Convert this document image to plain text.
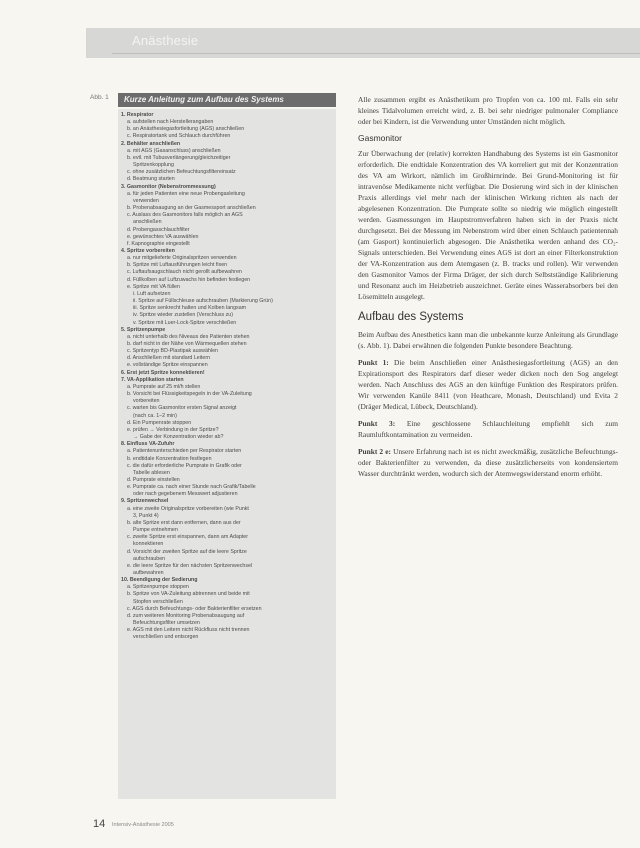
Anästhesie
Abb. 1 Kurze Anleitung zum Aufbau des Systems
1. Respirator
a. aufstellen nach Herstellerangaben
b. an Anästhesiegasfortleitung (AGS) anschließen
c. Respiratortank und Schlauch durchführen
2. Behälter anschließen
a. mit AGS (Gasanschluss) anschließen
b. evtl. mit Tubusverlängerung/gleichzeitiger
Spritzenkopplung
c. ohne zusätzlichen Befeuchtungsfiltereinsatz
d. Beatmung starten
3. Gasmonitor (Nebenstrommessung)
a. für jeden Patienten eine neue Probengasleitung
verwenden
b. Probenabsaugung an der Gasmessport anschließen
c. Auslass des Gasmonitors falls möglich an AGS
anschließen
d. Probengasschlauchfilter
e. gewünschtes VA auswählen
f. Kapnographie eingestellt
4. Spritze vorbereiten
a. nur mitgelieferte Originalspritzen verwenden
b. Spritze mit Luftausführungen leicht fixen
c. Luftaufsaugschlauch nicht gerollt aufbewahren
d. Füllkolben auf Luftzuwachs hin befinden festlegen
e. Spritze mit VA füllen
i. Luft aufsetzen
ii. Spritze auf Füllschleuse aufschrauben (Markierung Grün)
iii. Spritze senkrecht halten und Kolben langsam
iv. Spritze wieder zustellen (Verschluss zu)
v. Spritze mit Luer-Lock-Spitze verschließen
5. Spritzenpumpe
a. nicht unterhalb des Niveaus des Patienten stehen
b. darf nicht in der Nähe von Wärmequellen stehen
c. Spritzentyp BD-Plastipak auswählen
d. Anschließen mit standard Leitern
e. vollständige Spritze einspannen
6. Erst jetzt Spritze konnektieren!
7. VA-Applikation starten
a. Pumprate auf 25 ml/h stellen
b. Vorsicht bei Flüssigkeitspegeln in der VA-Zuleitung
vorbereiten
c. warten bis Gasmonitor ersten Signal anzeigt
(nach ca. 1–2 min)
d. Ein Pumpenrate stoppen
e. prüfen → Verbindung in der Spritze?
→ Gabe der Konzentration wieder ab?
8. Einfluss VA-Zufuhr
a. Patientenunterschieden per Respirator starten
b. endtidale Konzentration festlegen
c. die dafür erforderliche Pumprate in Grafik oder
Tabelle ablesen
d. Pumprate einstellen
e. Pumprate ca. nach einer Stunde nach Grafik/Tabelle
oder nach gegebenem Messwert adjustieren
9. Spritzenwechsel
a. eine zweite Originalspritze vorbereiten (wie Punkt
3, Punkt 4)
b. alte Spritze erst dann entfernen, dann aus der
Pumpe entnehmen
c. zweite Spritze erst einspannen, dann am Adapter
konnektieren
d. Vorsicht der zweiten Spritze auf die leere Spritze
aufschrauben
e. die leere Spritze für den nächsten Spritzenwechsel
aufbewahren
10. Beendigung der Sedierung
a. Spritzenpumpe stoppen
b. Spritze von VA-Zuleitung abtrennen und beide mit
Stopfen verschließen
c. AGS durch Befeuchtungs- oder Bakterienfilter ersetzen
d. zum weiteren Monitoring Probenabsaugung auf
Befeuchtungsfilter umsetzen
e. AGS mit den Leitern nicht Rückfluss nicht trennen
verschließen und entsorgen

Alle zusammen ergibt es Anästhetikum pro Tropfen von ca. 100 ml. Falls ein sehr kleines Tidalvolumen erreicht wird, z. B. bei sehr niedriger pulmonaler Compliance oder bei Kindern, ist die Verwendung unter Umständen nicht möglich.

Gasmonitor

Zur Überwachung der (relativ) korrekten Handhabung des Systems ist ein Gasmonitor erforderlich. Die endtidale Konzentration des VA korreliert gut mit der Konzentration des VA am Wirkort, nämlich im Großhirnrinde. Bei Grund-Monitoring ist für intravenöse Medikamente nicht verfügbar. Die Dosierung wird sich in der klinischen Praxis allerdings viel mehr nach der klinischen Wirkung richten als nach der abgelesenen Konzentration. Die Pumprate sollte so niedrig wie möglich eingestellt werden. Gasmessungen im Hauptstromverfahren haben sich in der Praxis nicht durchgesetzt. Bei der Messung im Nebenstrom wird über einen Schlauch patientennah (am Gasport) kontinuierlich abgesogen. Die Anästhetika werden anhand des CO₂-Signals unterschieden. Bei Verwendung eines AGS ist dort an einer Filterkonstruktion der VA-Konzentration aus dem Atemgasen (z. B. tracks und rollen). Wir verwenden den Gasmonitor Vamos der Firma Dräger, der sich durch Selbstständige Kalibrierung und Resonanz auch im Heizbetrieb auszeichnet. Geräte eines Wasserabsorbers bei den Lösemitteln ausgelegt.

Aufbau des Systems

Beim Aufbau des Anesthetics kann man die unbekannte kurze Anleitung als Grundlage (s. Abb. 1). Dabei erwähnen die folgenden Punkte besondere Beachtung.

Punkt 1: Die beim Anschließen einer Anästhesiegasfortleitung (AGS) an den Expirationsport des Respirators darf dieser weder dicken noch den Sog angelegt werden. Nach Anschluss des AGS an den künftige Funktion des Respirators prüfen. Wir verwenden Kanüle 8411 (von Heathcare, Monash, Deutschland) und Evita 2 (Dräger Medical, Lübeck, Deutschland).

Punkt 3: Eine geschlossene Schlauchleitung empfiehlt sich zum Raumluftkontamination zu vermeiden.

Punkt 2 e: Unsere Erfahrung nach ist es nicht zweckmäßig, zusätzliche Befeuchtungs- oder Bakterienfilter zu verwenden, da diese zusätzlicherseits von kondensiertem Wasser durchtränkt werden, wodurch sich der Atemwegswiderstand enorm erhöht.

14 Intensiv-Anästhesie 2005
